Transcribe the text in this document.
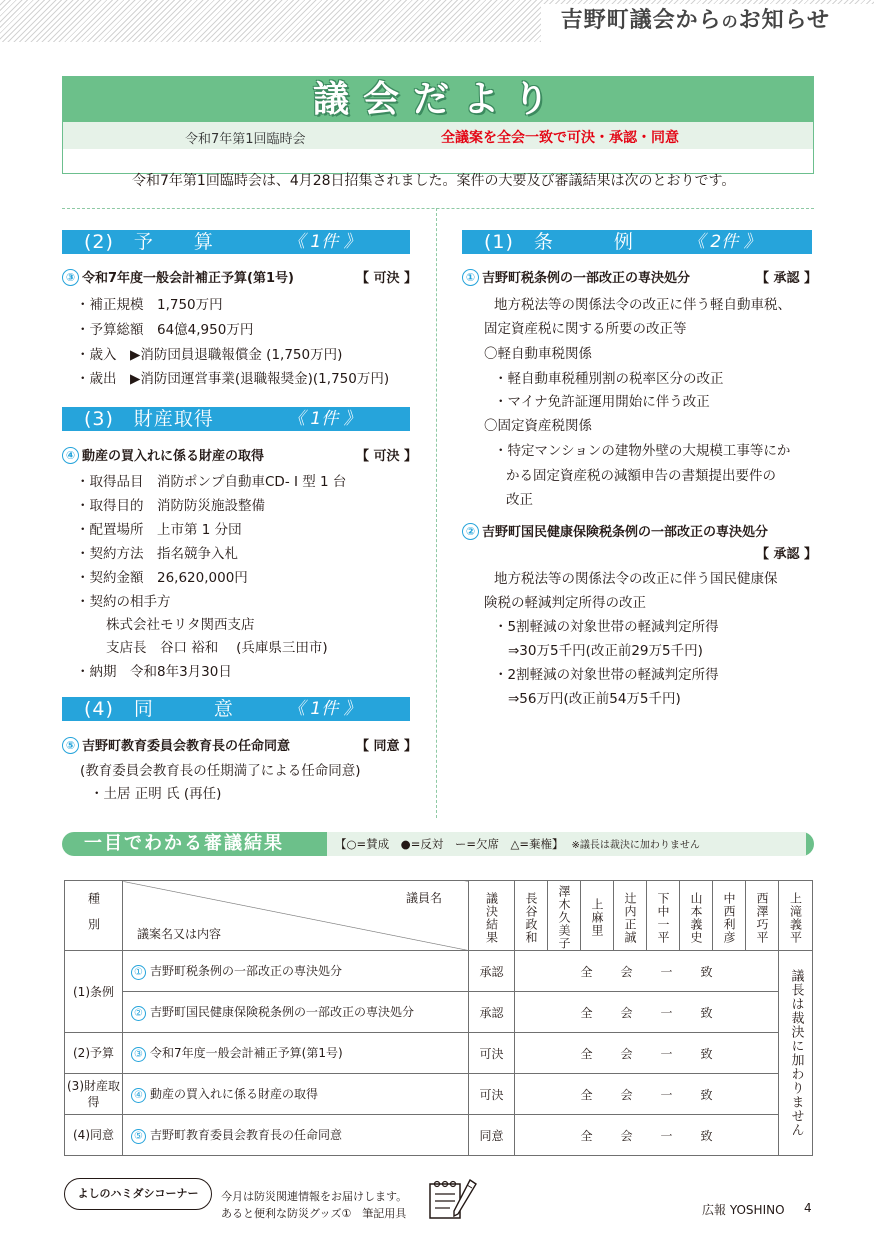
吉野町議会からのお知らせ
議会だより
令和7年第1回臨時会	全議案を全会一致で可決・承認・同意
令和7年第1回臨時会は、4月28日招集されました。案件の大要及び審議結果は次のとおりです。
(2)　予　　算	《 1件 》
③ 令和7年度一般会計補正予算(第1号)	【 可決 】
・補正規模　1,750万円
・予算総額　64億4,950万円
・歳入　▶消防団員退職報償金 (1,750万円)
・歳出　▶消防団運営事業(退職報奨金)(1,750万円)
(3)　財産取得	《 1件 》
④ 動産の買入れに係る財産の取得	【 可決 】
・取得品目　消防ポンプ自動車CD- I 型 1 台
・取得目的　消防防災施設整備
・配置場所　上市第 1 分団
・契約方法　指名競争入札
・契約金額　26,620,000円
・契約の相手方
株式会社モリタ関西支店
支店長　谷口 裕和　 (兵庫県三田市)
・納期　令和8年3月30日
(4)　同　　　意	《 1件 》
⑤ 吉野町教育委員会教育長の任命同意	【 同意 】
(教育委員会教育長の任期満了による任命同意)
・土居 正明 氏 (再任)
(1)　条　　　例	《 2件 》
① 吉野町税条例の一部改正の専決処分	【 承認 】
地方税法等の関係法令の改正に伴う軽自動車税、
固定資産税に関する所要の改正等
〇軽自動車税関係
・軽自動車税種別割の税率区分の改正
・マイナ免許証運用開始に伴う改正
〇固定資産税関係
・特定マンションの建物外壁の大規模工事等にか
かる固定資産税の減額申告の書類提出要件の
改正
② 吉野町国民健康保険税条例の一部改正の専決処分
【 承認 】
地方税法等の関係法令の改正に伴う国民健康保
険税の軽減判定所得の改正
・5割軽減の対象世帯の軽減判定所得
⇒30万5千円(改正前29万5千円)
・2割軽減の対象世帯の軽減判定所得
⇒56万円(改正前54万5千円)
一目でわかる審議結果	【○=賛成　●=反対　ー=欠席　△=棄権】 ※議長は裁決に加わりません
種別	議員名
議案名又は内容	議決結果	長谷政和	澤木久美子	上麻里	辻内正誠	下中一平	山本義史	中西利彦	西澤巧平	上滝義平

(1)条例	① 吉野町税条例の一部改正の専決処分	承認	全会一致								議長は裁決に加わりません

	② 吉野町国民健康保険税条例の一部改正の専決処分	承認	全会一致								
(2)予算	③ 令和7年度一般会計補正予算(第1号)	可決	全会一致								
(3)財産取得	④ 動産の買入れに係る財産の取得	可決	全会一致								
(4)同意	⑤ 吉野町教育委員会教育長の任命同意	同意	全会一致								
よしのハミダシコーナー	今月は防災関連情報をお届けします。
あると便利な防災グッズ①　筆記用具	広報 YOSHINO 4
